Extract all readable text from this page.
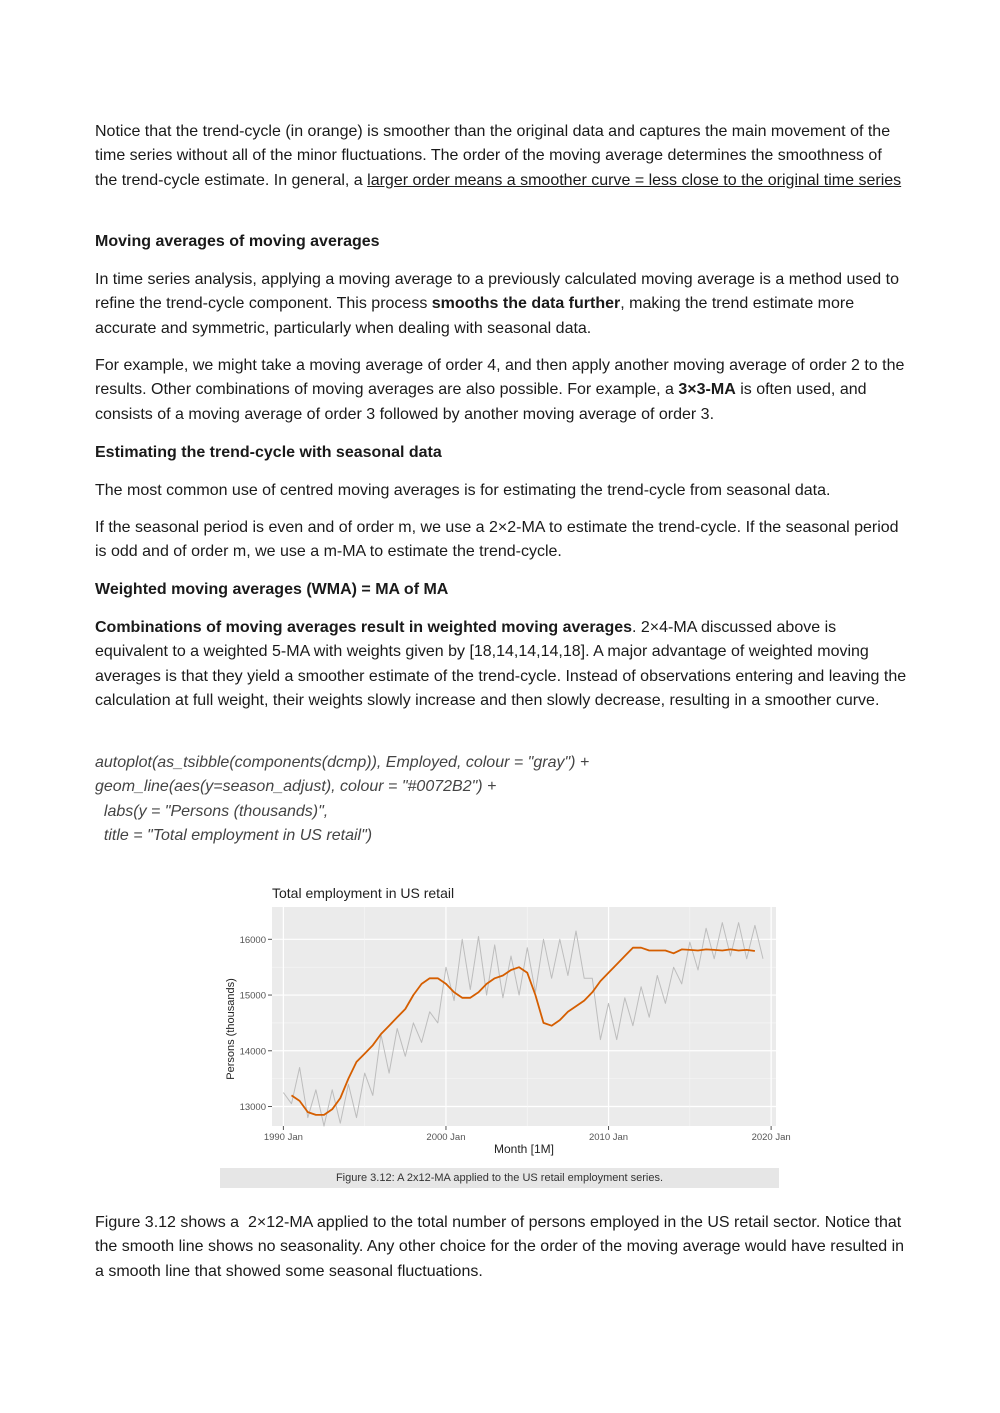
Notice that the trend-cycle (in orange) is smoother than the original data and captures the main movement of the time series without all of the minor fluctuations. The order of the moving average determines the smoothness of the trend-cycle estimate. In general, a larger order means a smoother curve = less close to the original time series

Moving averages of moving averages

In time series analysis, applying a moving average to a previously calculated moving average is a method used to refine the trend-cycle component. This process smooths the data further, making the trend estimate more accurate and symmetric, particularly when dealing with seasonal data.

For example, we might take a moving average of order 4, and then apply another moving average of order 2 to the results. Other combinations of moving averages are also possible. For example, a 3×3-MA is often used, and consists of a moving average of order 3 followed by another moving average of order 3.

Estimating the trend-cycle with seasonal data

The most common use of centred moving averages is for estimating the trend-cycle from seasonal data.

If the seasonal period is even and of order m, we use a 2×2-MA to estimate the trend-cycle. If the seasonal period is odd and of order m, we use a m-MA to estimate the trend-cycle.

Weighted moving averages (WMA) = MA of MA

Combinations of moving averages result in weighted moving averages. 2×4-MA discussed above is equivalent to a weighted 5-MA with weights given by [18,14,14,14,18]. A major advantage of weighted moving averages is that they yield a smoother estimate of the trend-cycle. Instead of observations entering and leaving the calculation at full weight, their weights slowly increase and then slowly decrease, resulting in a smoother curve.

autoplot(as_tsibble(components(dcmp)), Employed, colour = "gray") +

geom_line(aes(y=season_adjust), colour = "#0072B2") +

labs(y = "Persons (thousands)",

title = "Total employment in US retail")

Total employment in US retail
13000
14000
15000
16000
1990 Jan	2000 Jan	2010 Jan	2020 Jan
Month [1M]
Persons (thousands)
Figure 3.12: A 2x12-MA applied to the US retail employment series.

Figure 3.12 shows a  2×12-MA applied to the total number of persons employed in the US retail sector. Notice that the smooth line shows no seasonality. Any other choice for the order of the moving average would have resulted in a smooth line that showed some seasonal fluctuations.
